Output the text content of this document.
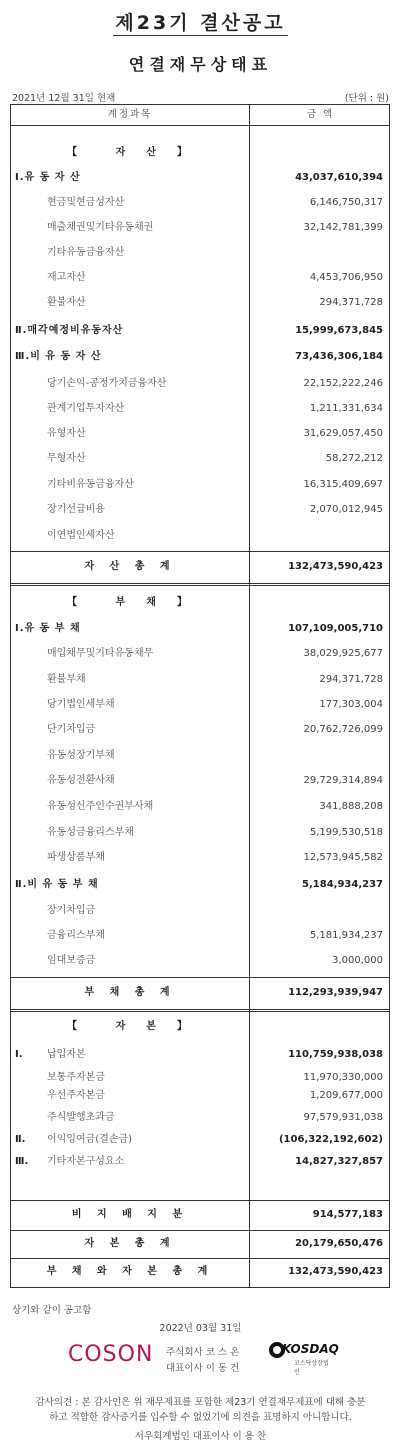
제23기 결산공고
연결재무상태표
2021년 12월 31일 현재	(단위 : 원)
계정과목	금 액
【 자 산 】
Ⅰ.유 동 자 산	43,037,610,394
현금및현금성자산	6,146,750,317
매출채권및기타유동채권	32,142,781,399
기타유동금융자산
재고자산	4,453,706,950
환불자산	294,371,728
Ⅱ.매각예정비유동자산	15,999,673,845
Ⅲ.비 유 동 자 산	73,436,306,184
당기손익-공정가치금융자산	22,152,222,246
관계기업투자자산	1,211,331,634
유형자산	31,629,057,450
무형자산	58,272,212
기타비유동금융자산	16,315,409,697
장기선급비용	2,070,012,945
이연법인세자산
자 산 총 계	132,473,590,423
【 부 채 】
Ⅰ.유 동 부 채	107,109,005,710
매입채무및기타유동채무	38,029,925,677
환불부채	294,371,728
당기법인세부채	177,303,004
단기차입금	20,762,726,099
유동성장기부채
유동성전환사채	29,729,314,894
유동성신주인수권부사채	341,888,208
유동성금융리스부채	5,199,530,518
파생상품부채	12,573,945,582
Ⅱ.비 유 동 부 채	5,184,934,237
장기차입금
금융리스부채	5,181,934,237
임대보증금	3,000,000
부 채 총 계	112,293,939,947
【 자 본 】
Ⅰ. 납입자본	110,759,938,038
보통주자본금	11,970,330,000
우선주자본금	1,209,677,000
주식발행초과금	97,579,931,038
Ⅱ. 이익잉여금(결손금)	(106,322,192,602)
Ⅲ. 기타자본구성요소	14,827,327,857
비 지 배 지 분	914,577,183
자 본 총 계	20,179,650,476
부 채 와 자 본 총 계	132,473,590,423
상기와 같이 공고함
2022년 03월 31일
COSON 주식회사 코 스 온
대표이사 이 동 건
KOSDAQ
코스닥상장법인
감사의견 : 본 감사인은 위 재무제표를 포함한 제23기 연결재무제표에 대해 충분
하고 적합한 감사증거를 입수할 수 없었기에 의견을 표명하지 아니합니다.
서우회계법인 대표이사 이 용 찬
